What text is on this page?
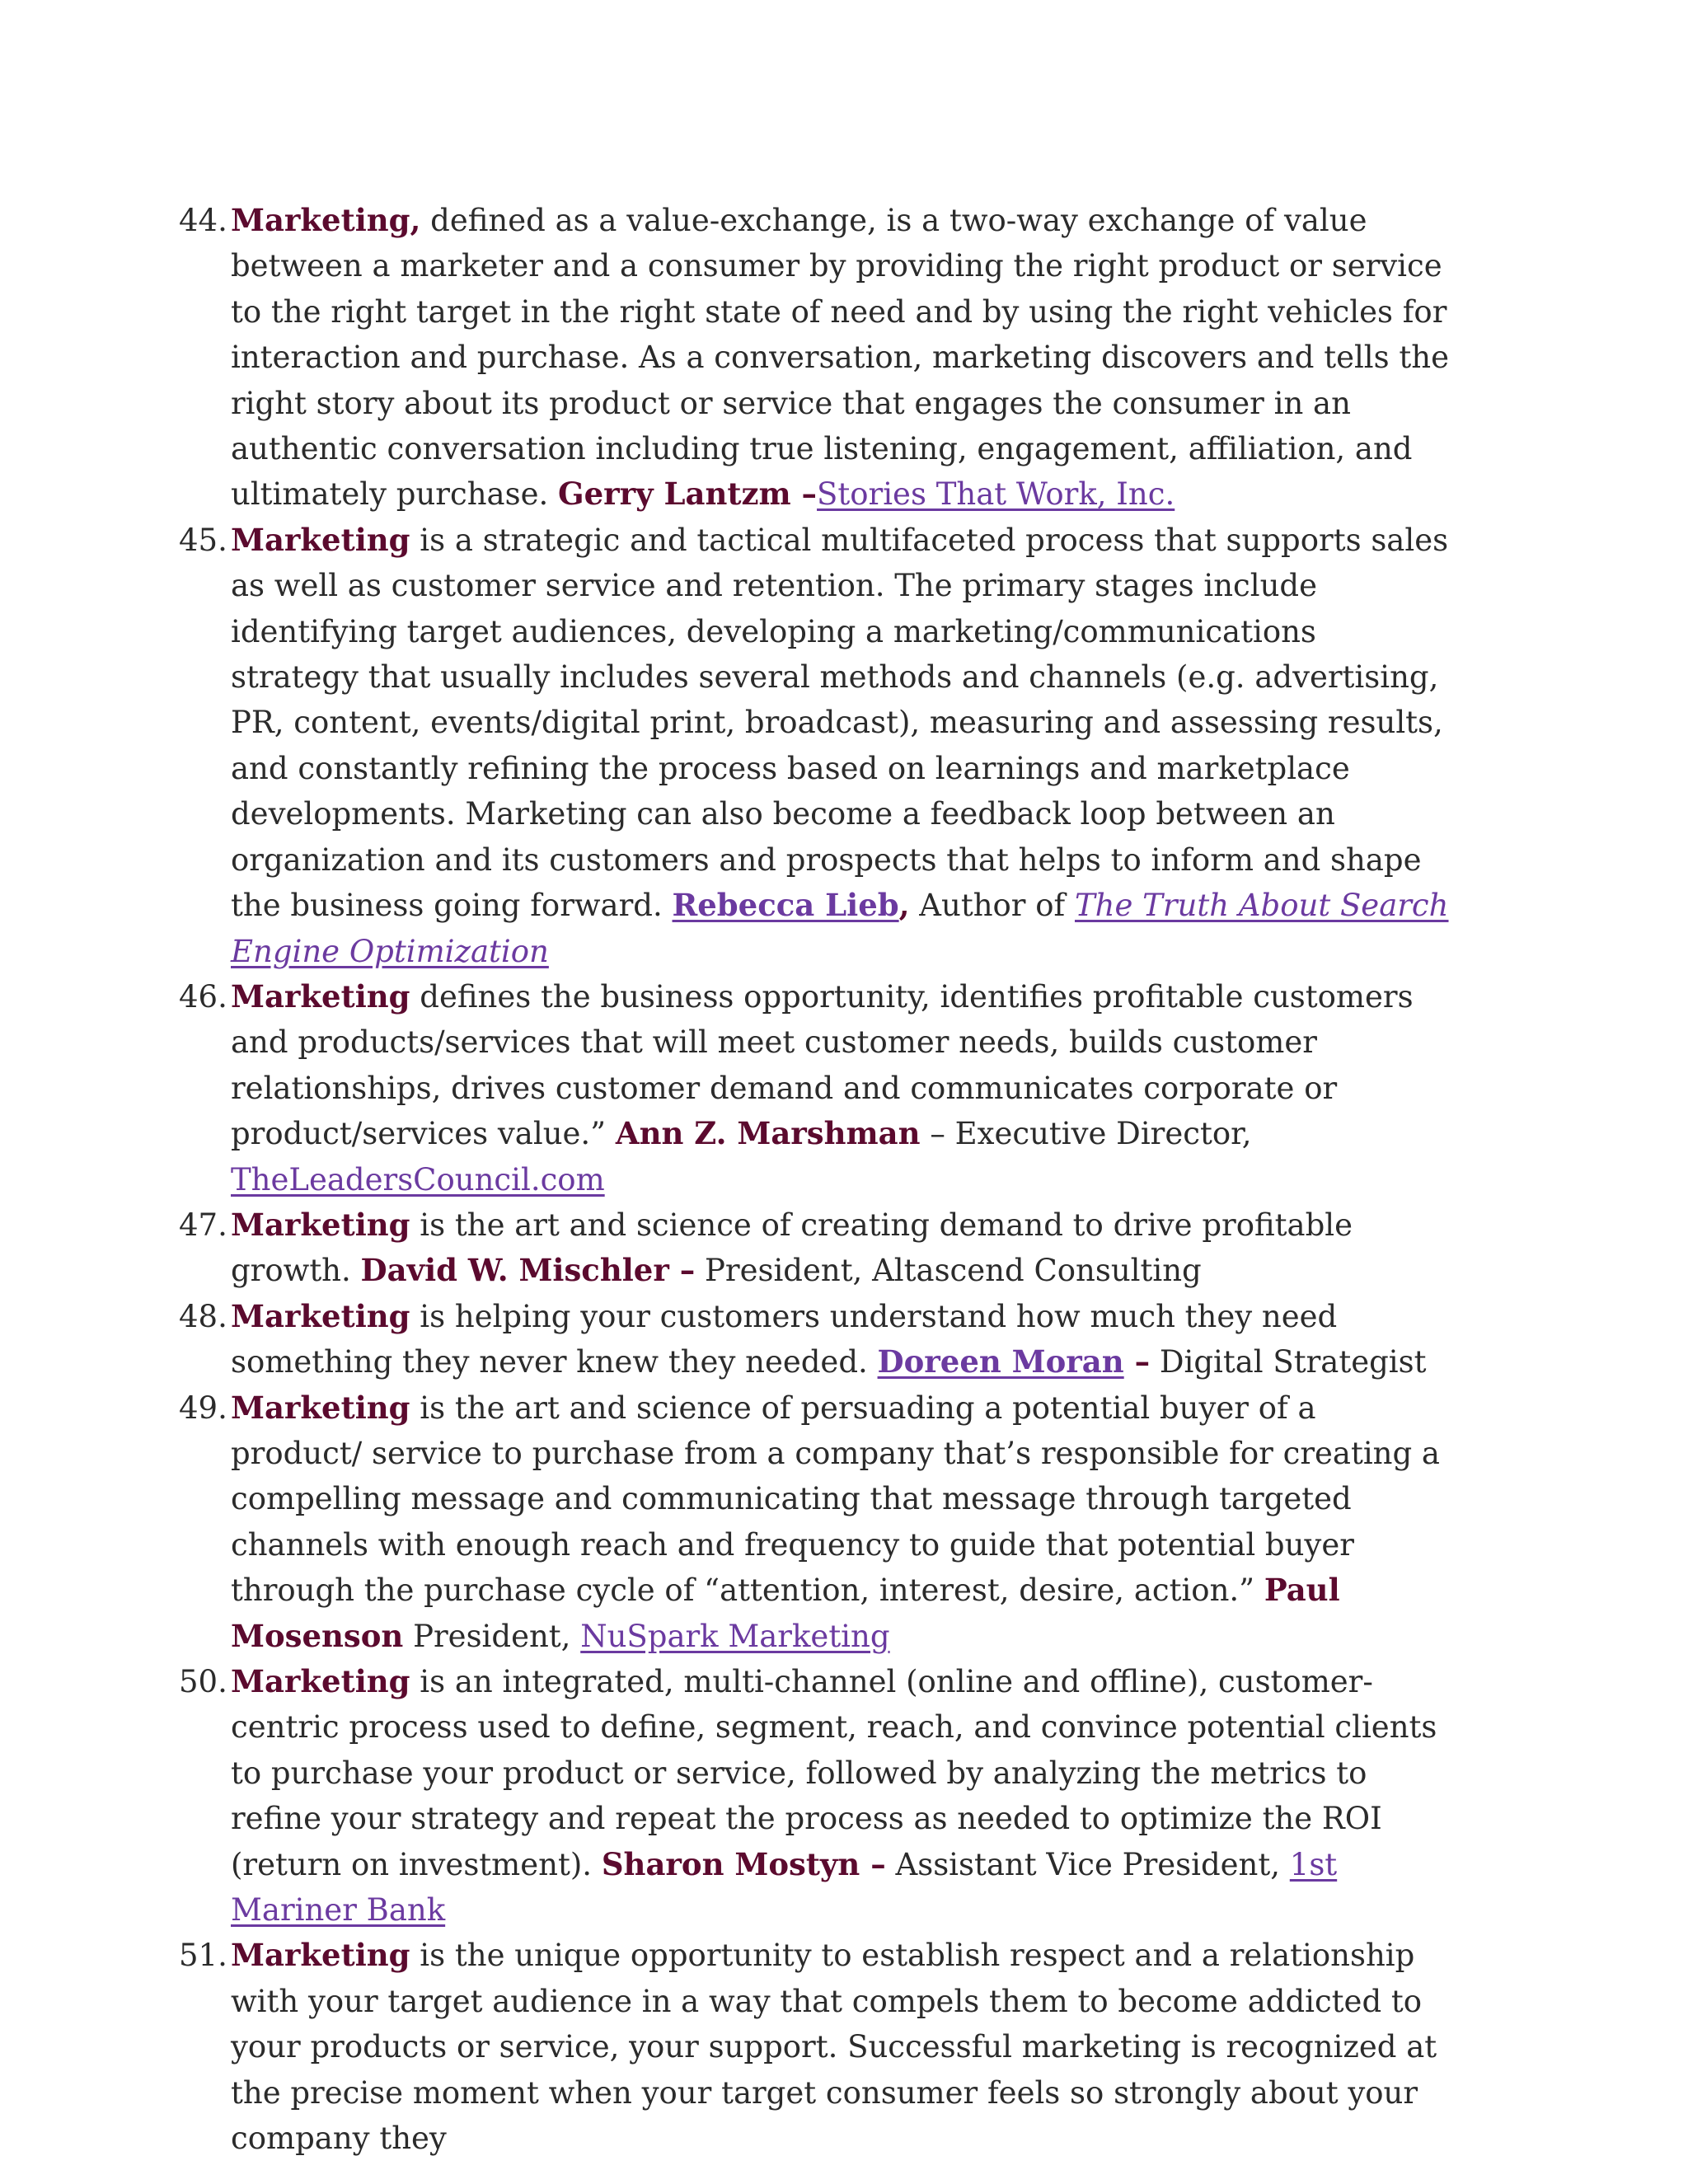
44. Marketing, defined as a value-exchange, is a two-way exchange of value between a marketer and a consumer by providing the right product or service to the right target in the right state of need and by using the right vehicles for interaction and purchase. As a conversation, marketing discovers and tells the right story about its product or service that engages the consumer in an authentic conversation including true listening, engagement, affiliation, and ultimately purchase. Gerry Lantzm –Stories That Work, Inc.
45. Marketing is a strategic and tactical multifaceted process that supports sales as well as customer service and retention. The primary stages include identifying target audiences, developing a marketing/communications strategy that usually includes several methods and channels (e.g. advertising, PR, content, events/digital print, broadcast), measuring and assessing results, and constantly refining the process based on learnings and marketplace developments. Marketing can also become a feedback loop between an organization and its customers and prospects that helps to inform and shape the business going forward. Rebecca Lieb, Author of The Truth About Search Engine Optimization
46. Marketing defines the business opportunity, identifies profitable customers and products/services that will meet customer needs, builds customer relationships, drives customer demand and communicates corporate or product/services value.” Ann Z. Marshman – Executive Director, TheLeadersCouncil.com
47. Marketing is the art and science of creating demand to drive profitable growth. David W. Mischler – President, Altascend Consulting
48. Marketing is helping your customers understand how much they need something they never knew they needed. Doreen Moran – Digital Strategist
49. Marketing is the art and science of persuading a potential buyer of a product/ service to purchase from a company that’s responsible for creating a compelling message and communicating that message through targeted channels with enough reach and frequency to guide that potential buyer through the purchase cycle of “attention, interest, desire, action.” Paul Mosenson President, NuSpark Marketing
50. Marketing is an integrated, multi-channel (online and offline), customer-centric process used to define, segment, reach, and convince potential clients to purchase your product or service, followed by analyzing the metrics to refine your strategy and repeat the process as needed to optimize the ROI (return on investment). Sharon Mostyn – Assistant Vice President, 1st Mariner Bank
51. Marketing is the unique opportunity to establish respect and a relationship with your target audience in a way that compels them to become addicted to your products or service, your support. Successful marketing is recognized at the precise moment when your target consumer feels so strongly about your company they
